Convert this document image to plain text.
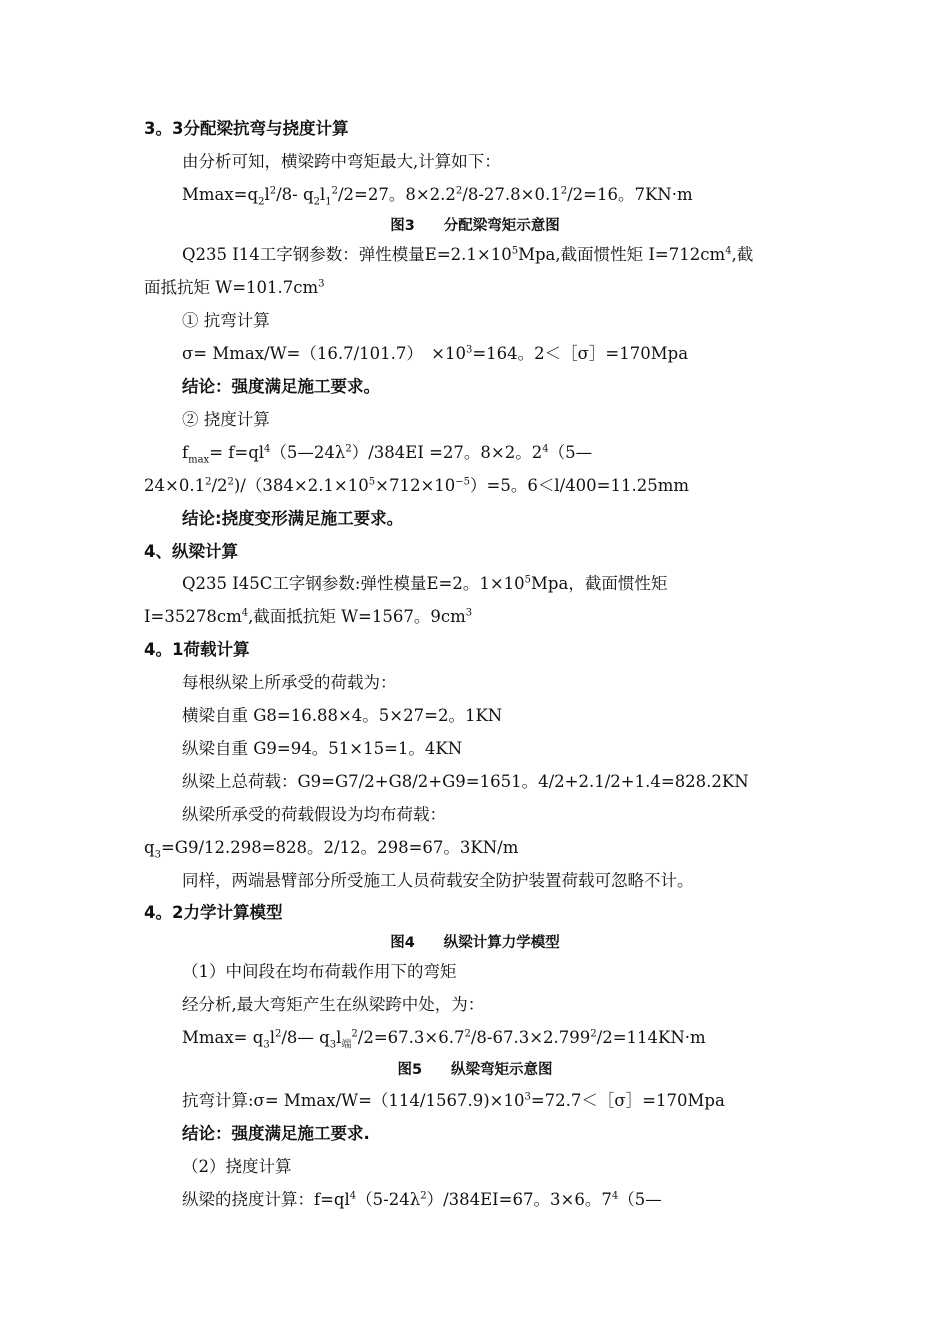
3。3分配梁抗弯与挠度计算
由分析可知，横梁跨中弯矩最大,计算如下：
$Mmax=q_2l^2/8-$ $q_2l_1^2/2=27$。$8\times 2.2^2/8-27.8\times 0.1^2/2=16$。7KN·m
图3　　分配梁弯矩示意图
Q235 I14工字钢参数：弹性模量$E=2.1\times 10^5Mpa$,截面惯性矩 $I=712cm^4$,截
面抵抗矩 $W=101.7cm^3$
① 抗弯计算
σ= Mmax/W=（16.7/101.7）　$\times 10^3=164$。2＜［σ］=170Mpa
结论：强度满足施工要求。
② 挠度计算
$f_{max}=$ $f=ql^4(5—24\lambda^2)/384EI =27$。8×2。$2^4(5—$
$24\times 0.1^2/2^2)/(384\times 2.1\times 10^5\times 712\times 10^{-5})=5$。6＜l/400=11.25mm
结论:挠度变形满足施工要求。
4、纵梁计算
Q235 I45C工字钢参数:弹性模量E=2。$1\times 10^5Mpa$，截面惯性矩
$I=35278cm^4$,截面抵抗矩 W=1567。$9cm^3$
4。1荷载计算
每根纵梁上所承受的荷载为：
横梁自重 G8=16.88×4。5×27=2。1KN
纵梁自重 G9=94。51×15=1。4KN
纵梁上总荷载：G9=G7/2+G8/2+G9=1651。4/2+2.1/2+1.4=828.2KN
纵梁所承受的荷载假设为均布荷载：
$q_3=G9/12.298=828$。2/12。298=67。3KN/m
同样，两端悬臂部分所受施工人员荷载安全防护装置荷载可忽略不计。
4。2力学计算模型
图4　　纵梁计算力学模型
（1）中间段在均布荷载作用下的弯矩
经分析,最大弯矩产生在纵梁跨中处，为：
$Mmax= q_3l^2/8—$ $q_3l_端^2/2=67.3\times 6.7^2/8-67.3\times 2.799^2/2=114KN\cdot m$
图5　　纵梁弯矩示意图
抗弯计算:σ= Mmax/$W=(114/1567.9)\times 10^3=72.7<[\sigma]=170Mpa$
结论：强度满足施工要求.
（2）挠度计算
纵梁的挠度计算：$f=ql^4(5-24\lambda^2)/384EI=67$。3×6。$7^4(5—$
